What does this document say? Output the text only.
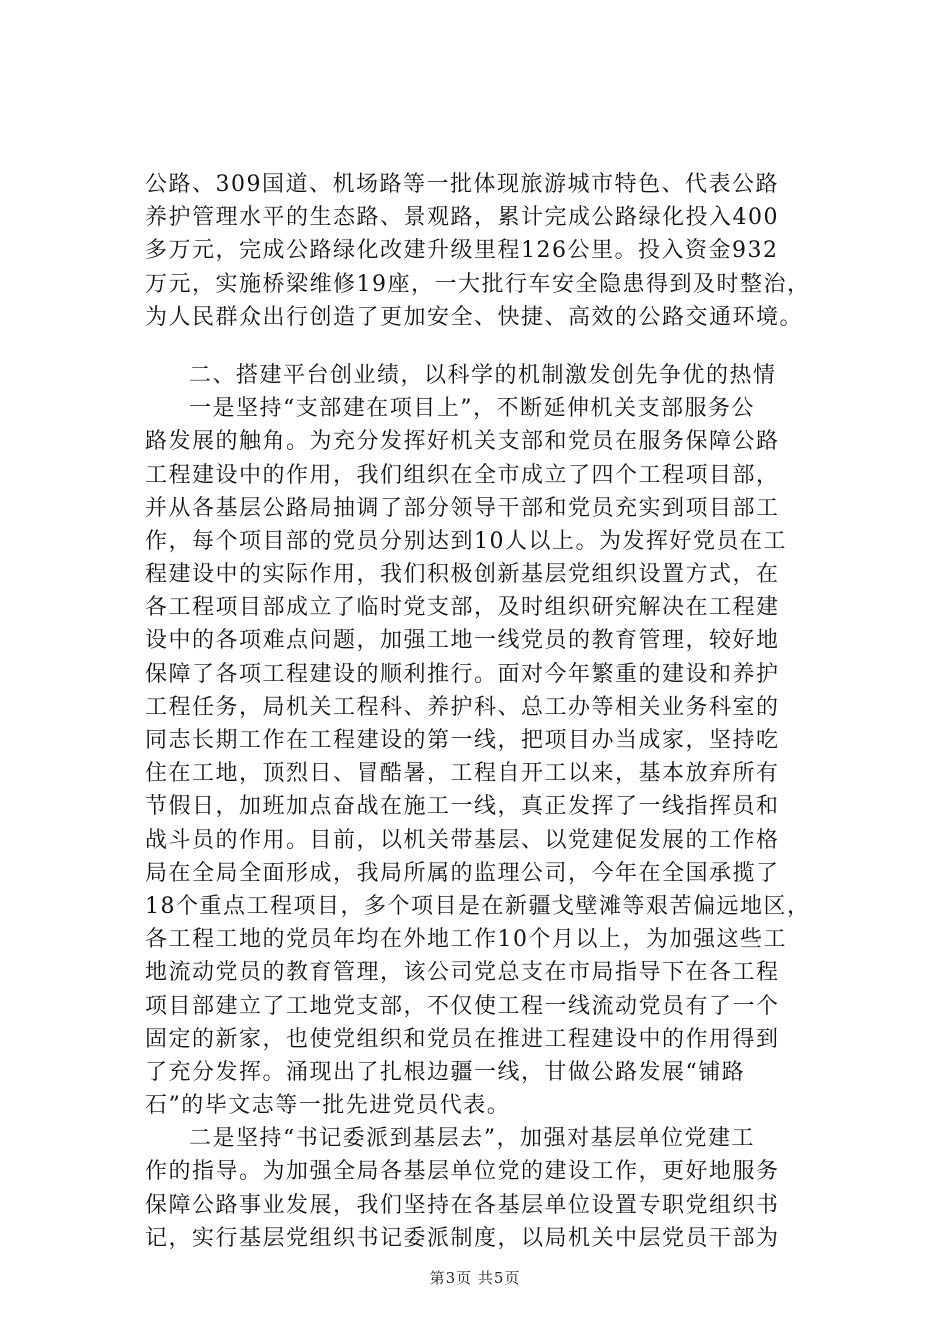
公路、309国道、机场路等一批体现旅游城市特色、代表公路
养护管理水平的生态路、景观路，累计完成公路绿化投入400
多万元，完成公路绿化改建升级里程126公里。投入资金932
万元，实施桥梁维修19座，一大批行车安全隐患得到及时整治，
为人民群众出行创造了更加安全、快捷、高效的公路交通环境。
二、搭建平台创业绩，以科学的机制激发创先争优的热情
一是坚持“支部建在项目上”，不断延伸机关支部服务公
路发展的触角。为充分发挥好机关支部和党员在服务保障公路
工程建设中的作用，我们组织在全市成立了四个工程项目部，
并从各基层公路局抽调了部分领导干部和党员充实到项目部工
作，每个项目部的党员分别达到10人以上。为发挥好党员在工
程建设中的实际作用，我们积极创新基层党组织设置方式，在
各工程项目部成立了临时党支部，及时组织研究解决在工程建
设中的各项难点问题，加强工地一线党员的教育管理，较好地
保障了各项工程建设的顺利推行。面对今年繁重的建设和养护
工程任务，局机关工程科、养护科、总工办等相关业务科室的
同志长期工作在工程建设的第一线，把项目办当成家，坚持吃
住在工地，顶烈日、冒酷暑，工程自开工以来，基本放弃所有
节假日，加班加点奋战在施工一线，真正发挥了一线指挥员和
战斗员的作用。目前，以机关带基层、以党建促发展的工作格
局在全局全面形成，我局所属的监理公司，今年在全国承揽了
18个重点工程项目，多个项目是在新疆戈壁滩等艰苦偏远地区，
各工程工地的党员年均在外地工作10个月以上，为加强这些工
地流动党员的教育管理，该公司党总支在市局指导下在各工程
项目部建立了工地党支部，不仅使工程一线流动党员有了一个
固定的新家，也使党组织和党员在推进工程建设中的作用得到
了充分发挥。涌现出了扎根边疆一线，甘做公路发展“铺路
石”的毕文志等一批先进党员代表。
二是坚持“书记委派到基层去”，加强对基层单位党建工
作的指导。为加强全局各基层单位党的建设工作，更好地服务
保障公路事业发展，我们坚持在各基层单位设置专职党组织书
记，实行基层党组织书记委派制度，以局机关中层党员干部为
第3页 共5页
